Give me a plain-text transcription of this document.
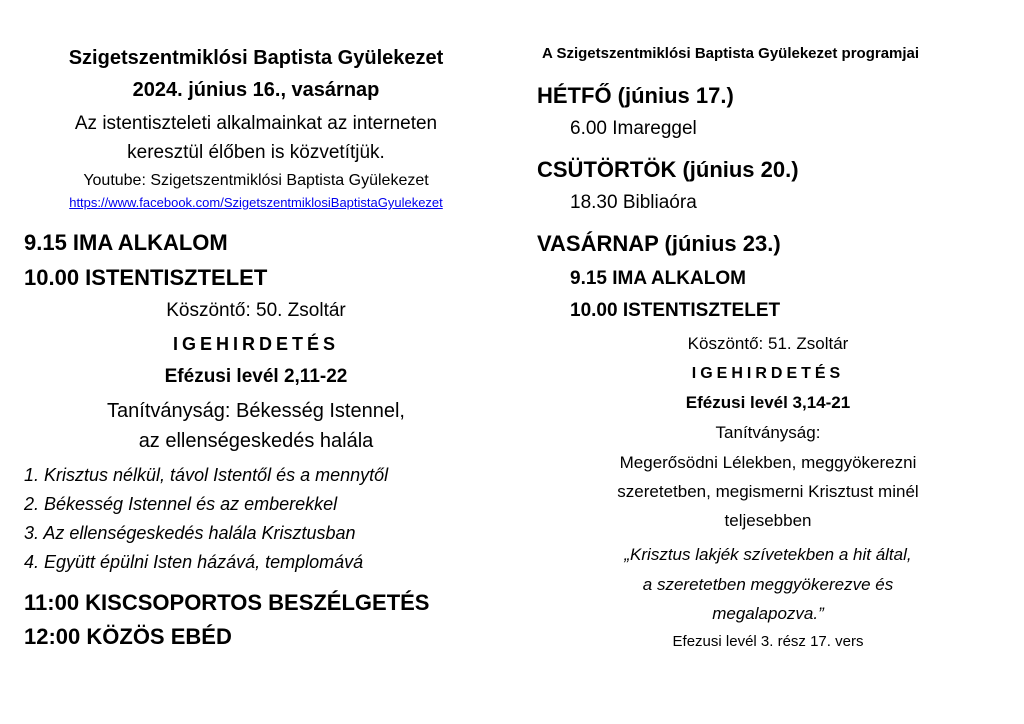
Szigetszentmiklósi Baptista Gyülekezet
2024. június 16., vasárnap
Az istentiszteleti alkalmainkat az interneten
keresztül élőben is közvetítjük.
Youtube: Szigetszentmiklósi Baptista Gyülekezet
https://www.facebook.com/SzigetszentmiklosiBaptistaGyulekezet
9.15 IMA ALKALOM
10.00 ISTENTISZTELET
Köszöntő: 50. Zsoltár
IGEHIRDETÉS
Efézusi levél 2,11-22
Tanítványság: Békesség Istennel,
az ellenségeskedés halála
1. Krisztus nélkül, távol Istentől és a mennytől
2. Békesség Istennel és az emberekkel
3. Az ellenségeskedés halála Krisztusban
4. Együtt épülni Isten házává, templomává
11:00 KISCSOPORTOS BESZÉLGETÉS
12:00 KÖZÖS EBÉD
A Szigetszentmiklósi Baptista Gyülekezet programjai
HÉTFŐ (június 17.)
6.00 Imareggel
CSÜTÖRTÖK (június 20.)
18.30 Bibliaóra
VASÁRNAP (június 23.)
9.15 IMA ALKALOM
10.00 ISTENTISZTELET
Köszöntő: 51. Zsoltár
IGEHIRDETÉS
Efézusi levél 3,14-21
Tanítványság:
Megerősödni Lélekben, meggyökerezni
szeretetben, megismerni Krisztust minél
teljesebben
„Krisztus lakjék szívetekben a hit által,
a szeretetben meggyökerezve és
megalapozva.”
Efezusi levél 3. rész 17. vers
